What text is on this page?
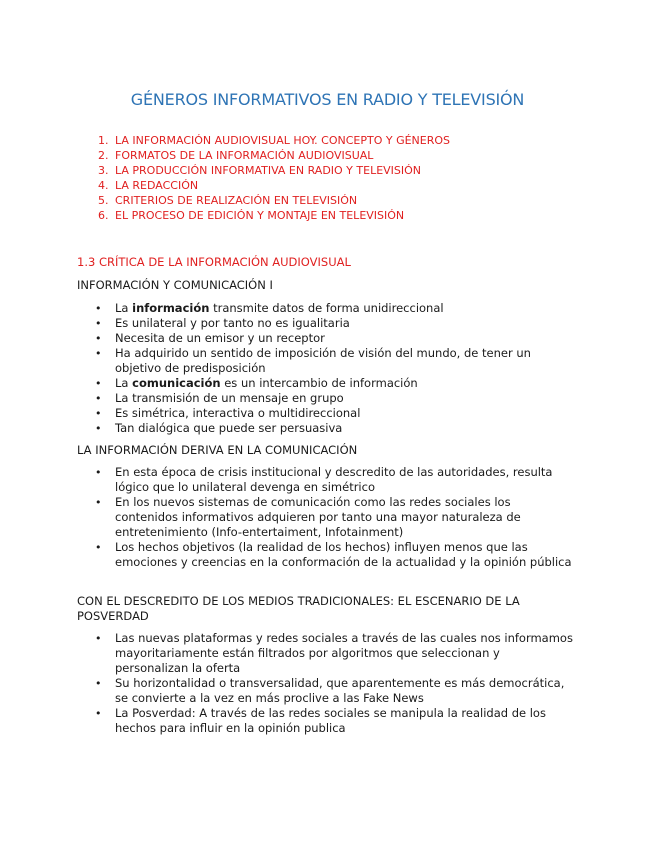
GÉNEROS INFORMATIVOS EN RADIO Y TELEVISIÓN
1. LA INFORMACIÓN AUDIOVISUAL HOY. CONCEPTO Y GÉNEROS
2. FORMATOS DE LA INFORMACIÓN AUDIOVISUAL
3. LA PRODUCCIÓN INFORMATIVA EN RADIO Y TELEVISIÓN
4. LA REDACCIÓN
5. CRITERIOS DE REALIZACIÓN EN TELEVISIÓN
6. EL PROCESO DE EDICIÓN Y MONTAJE EN TELEVISIÓN
1.3 CRÍTICA DE LA INFORMACIÓN AUDIOVISUAL
INFORMACIÓN Y COMUNICACIÓN I
• La información transmite datos de forma unidireccional
• Es unilateral y por tanto no es igualitaria
• Necesita de un emisor y un receptor
• Ha adquirido un sentido de imposición de visión del mundo, de tener un objetivo de predisposición
• La comunicación es un intercambio de información
• La transmisión de un mensaje en grupo
• Es simétrica, interactiva o multidireccional
• Tan dialógica que puede ser persuasiva
LA INFORMACIÓN DERIVA EN LA COMUNICACIÓN
• En esta época de crisis institucional y descredito de las autoridades, resulta lógico que lo unilateral devenga en simétrico
• En los nuevos sistemas de comunicación como las redes sociales los contenidos informativos adquieren por tanto una mayor naturaleza de entretenimiento (Info-entertaiment, Infotainment)
• Los hechos objetivos (la realidad de los hechos) influyen menos que las emociones y creencias en la conformación de la actualidad y la opinión pública
CON EL DESCREDITO DE LOS MEDIOS TRADICIONALES: EL ESCENARIO DE LA POSVERDAD
• Las nuevas plataformas y redes sociales a través de las cuales nos informamos mayoritariamente están filtrados por algoritmos que seleccionan y personalizan la oferta
• Su horizontalidad o transversalidad, que aparentemente es más democrática, se convierte a la vez en más proclive a las Fake News
• La Posverdad: A través de las redes sociales se manipula la realidad de los hechos para influir en la opinión publica
